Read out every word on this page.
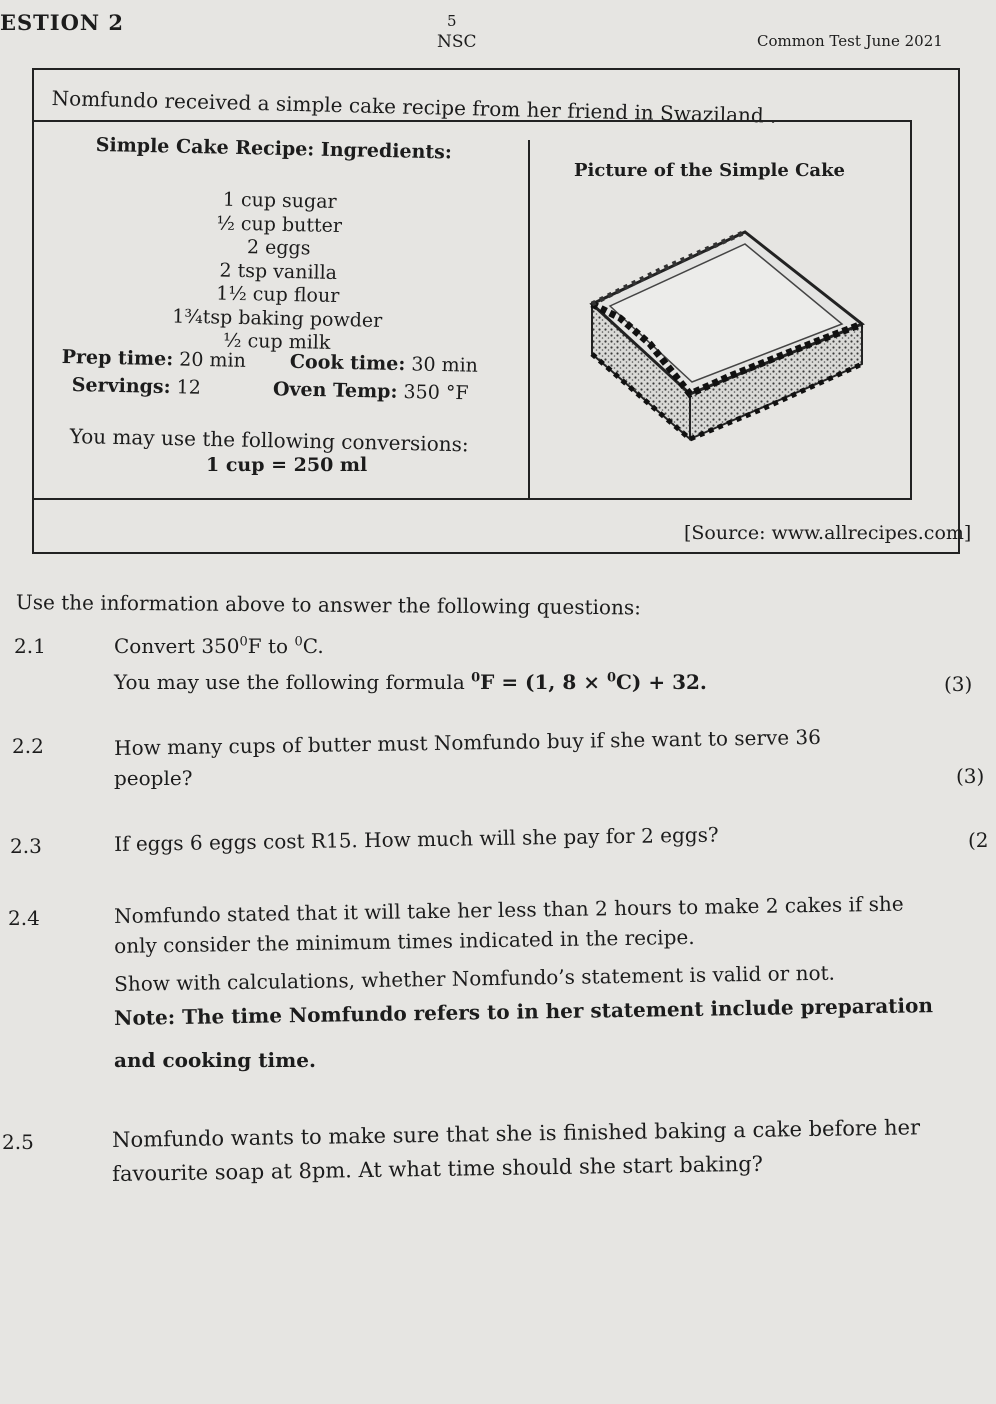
ESTION 2	5
NSC	Common Test June 2021
Nomfundo received a simple cake recipe from her friend in Swaziland .
Simple Cake Recipe: Ingredients:
Picture of the Simple Cake
1 cup sugar
½ cup butter
2 eggs
2 tsp vanilla
1½ cup flour
1¾tsp baking powder
½ cup milk
Prep time: 20 min Cook time: 30 min
Servings: 12	Oven Temp: 350 °F
You may use the following conversions:
1 cup = 250 ml
[Source: www.allrecipes.com]
Use the information above to answer the following questions:
2.1	Convert $350^0F$ to $^0$C.
You may use the following formula $^0$F = (1, 8 × $^0$C) + 32.	(3)
2.2	How many cups of butter must Nomfundo buy if she want to serve 36
people?	(3)
2.3	If eggs 6 eggs cost R15. How much will she pay for 2 eggs?	(2
2.4	Nomfundo stated that it will take her less than 2 hours to make 2 cakes if she
only consider the minimum times indicated in the recipe.
Show with calculations, whether Nomfundo’s statement is valid or not.
Note: The time Nomfundo refers to in her statement include preparation
and cooking time.
2.5	Nomfundo wants to make sure that she is finished baking a cake before her
favourite soap at 8pm. At what time should she start baking?
